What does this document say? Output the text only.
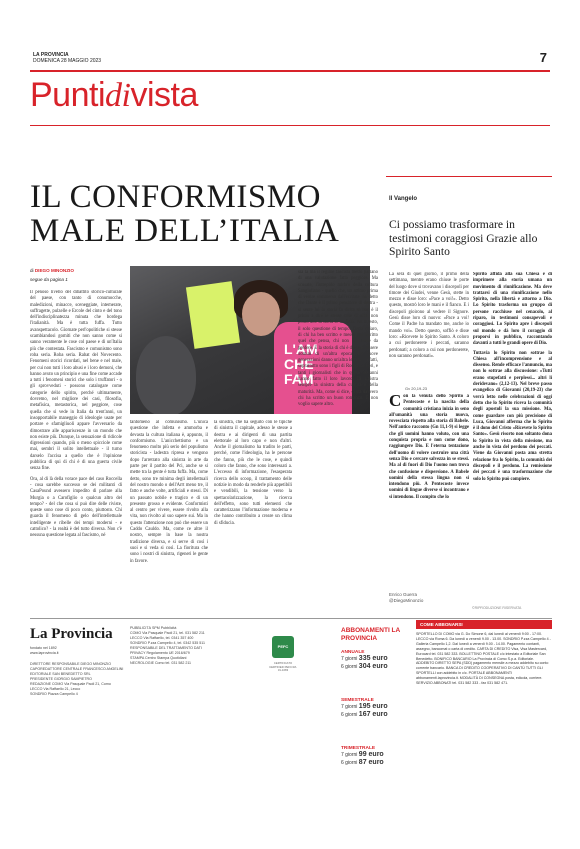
LA PROVINCIA
DOMENICA 28 MAGGIO 2023	7
Puntidivista
IL CONFORMISMO MALE DELL’ITALIA
di DIEGO MINONZIO
segue da pagina 1

Il penoso livello del dibattito storico-culturale del paese, con tanto di conumocche, maledizioni, minacce, sceneggiate, intemerate, suffragette, pulzelle e Ercole del cinto e del tono dell'indisciplinatezza minuta che bordega l'italianità. Ma è tutta fuffa. Tutto avanspettacolo. Giornate perl'opolitiche si stesse scambiandosi gomiti che non sanno come si sanno veramente le cose col paese e di un'Italia più che contestata. Fascismo e comunismo sono roba seria. Roba seria. Rabat del Novecento. Fenomeni storici ricordati, nel bene e nel male, per cui non tutti i loro abusi e i loro demoni, che hanno avuto un principio e una fine come accade a tutti i fenomeni storici che solo i truffatori - o gli sprovveduti - possono catalogare come categorie dello spirito, perché ultimamente, dovremo, nel migliore dei casi, filosofia, metafisica, metastorica, nel peggiore, cose quella che si vede in Italia da trent'anni, un insopportabile maneggio di ideologie usate per portare e sfamigliuoli appare l'avversario da dimostrare alle appariscenze in un mondo che non esiste più. Dunque, la sensazione di ridicole digressioni quando, più o meno spicciole come mai, sembri il solito intellettuale - il turno darselo l'accisa a quello che è l'opinione pubblica di qui di chi è di una guerra civile senza fine.

Ora, al di là della vorace pace del caso Roccella - cosa sarebbe successo se dei militanti di CasaPound avessero impedito di parlare alla Murgia o a Carofiglio o qualcun altro del tempo? - del che cosa si può dire delle riviste, queste sono cose di poco conto, piuttosto. Chi guarda il fenomeno di gelo dell'intellettuale intelligente e ribelle dei tempi moderni - e cattolico? - la realtà è del tutto diversa. Non c'è nessuna questione legata al fascismo, né

L'AM
CHE
FAM

tantomeno al comunismo. L'unica questione che infetta e ammorba e devasta la cultura italiana è, appunto, il conformismo. L'anicchettismo e un fenomeno molto più serio del populismo storicista - ladestra ripresa e vengono dopo l'arretrato alla sinistra in arte da parte per il partito del Pci, anche se si mette tra la gente è tutta fuffa. Ma, come detto, sono tre minima degli intellettuali del nostro mondo o dell'Arrt meno tre, il fatto e anche volte, artificiali e stessi. Di un passato nobile e tragico e di un presente grosso e evidente. Conformisti al centro per vivere, essere rivolto alla vita, non rivolto al suo sapere sui. Ma in questo l'attenzione non può che essere un Caddo Cauldo. Ma, come ce altre il nostro, sempre in base la nostra tradizione diversa, e si serve di così i suoi e si veda si così. La fioritura che sono i nostri di sinistra, rigeneri le gente in favore.

la sinistra, che ha seguito con le tipiche di sinistra il capitale, adesso le stesse a destra e ai dirigenti di una partita elettorale al loro capo e non d'altri. Anche il giornalismo ha tradito le parti, perché, come l'ideologia, ha le persone che fanno, più che le cose, e quindi coloro che fanno, che sono interessati a. L'eccesso di informazione, l'esasperata ricerca dello scoop, il trattamento delle notizie in modo da renderle più appetibili e vendibili, la tensione verso la spettacolarizzazione, la ricerca dell'effetto, sono tutti elementi che caratterizzano l'informazione moderna e che hanno contribuito a creare un clima di sfiducia.

sia la ma il regime fascista metto parlano di una valutazione fatta peggiore. Ma scusate, l'intrepido mirbro della cultura Sangiuliano - quello che, un attimo prima di venire sommerso dall'ecritate, ha detto che Dante è il primo pensatore di destra - si sente lui la storia fa dirita se non è il primo a dire le stesse cose di altri, non posso dire la storia se un fatto. Per il resto, il solo questione di tempo. Detto chiaro, di chi ha ben scritto e messo per iscritto quel che pensa, chi non ha niente da perdere. E la storia di chi è davanti. Essere uomini di un'altra epoca. Le nuove generazioni danno un'altra lettura dei fatti, soprattutto sono i figli di Rosselli e Fori, e tanti i giornalisti che in questi 30 anni hanno fatto il loro lavoro. Di sinistra sempre la sinistra della cultura e della maturità. Ma, come si dice, ci sta davvero chi ha scritto un buon romanzo. E non voglio sapere altro.

Il Vangelo
Ci possiamo trasformare in testimoni coraggiosi Grazie allo Spirito Santo

La sera di quel giorno, il primo della settimana, mentre erano chiuse le porte del luogo dove si trovavano i discepoli per timore dei Giudei, venne Gesù, stette in mezzo e disse loro: «Pace a voi!». Detto questo, mostrò loro le mani e il fianco. E i discepoli gioirono al vedere il Signore. Gesù disse loro di nuovo: «Pace a voi! Come il Padre ha mandato me, anche io mando voi». Detto questo, soffiò e disse loro: «Ricevete lo Spirito Santo. A coloro a cui perdonerete i peccati, saranno perdonati; a coloro a cui non perdonerete, non saranno perdonati».

Gv 20,19-23
Con la venuta dello Spirito a Pentecoste e la nascita della comunità cristiana inizia in seno all'umanità una storia nuova, rovesciata rispetto alla storia di Babele. Nell'antico racconto (Gn 11,1-9) si legge che gli uomini hanno voluto, con una conquista propria e non come dono, raggiungere Dio. E l'eterna tentazione dell'uomo di volere costruire una città senza Dio e cercare salvezza in se stessi. Ma al di fuori di Dio l'uomo non trova che confusione e dispersione. A Babele uomini della stessa lingua non si intendono più. A Pentecoste invece uomini di lingue diverse si incontrano e si intendono. Il compito che lo

Spirito affida alla sua Chiesa è di imprimere alla storia umana un movimento di riunificazione. Ma deve trattarsi di una riunificazione nello Spirito, nella libertà e attorno a Dio. Lo Spirito trasforma un gruppo di persone racchiuse nel cenacolo, al riparo, in testimoni consapevoli e coraggiosi. Lo Spirito apre i discepoli sul mondo e dà loro il coraggio di proporsi in pubblico, raccontando davanti a tutti le grandi opere di Dio.

Tuttavia lo Spirito non sottrae la Chiesa all'incomprensione e al dissenso. Rende efficace l'annuncio, ma non lo sottrae alla discussione: «Tutti erano stupefatti e perplessi... altri li deridevano» (2,12-13). Nel breve passo evangelico di Giovanni (20,19-23) che verrà letto nelle celebrazioni di oggi detto che lo Spirito riceva la comunità degli apostoli la sua missione. Ma, come guardare con più precisione di Luca, Giovanni afferma che lo Spirito è il dono del Cristo «Ricevete lo Spirito Santo». Gesù risorto non soltanto dona lo Spirito in vista della missione, ma anche in vista del perdono dei peccati. Viene da Giovanni posta ama stretta relazione fra lo Spirito, la comunità dei discepoli e il perdono. La remissione dei peccati è una trasformazione che solo lo Spirito può compiere.

Enrico Guerra
@DiegoMinonzio
©RIPRODUZIONE RISERVATA
La Provincia
fondato nel 1892
www.laprovincia.it
DIRETTORE RESPONSABILE DIEGO MINONZIO
CAPOREDATTORE CENTRALE FRANCESCO ANGELINI
EDITORIALE SAN BENEDETTO SRL
PRESIDENTE GIORGIO SAMPIETRO
REDAZIONE COMO Via Pasquale Paoli 21, Como
LECCO Via Raffaello 21, Lecco
SONDRIO Piazza Campello 4
PUBBLICITÀ SPM Pubblicità
COMO Via Pasquale Paoli 21, tel. 031 582 211
LECCO Via Raffaello, tel. 0341 357 400
SONDRIO P.zza Campello 4, tel. 0342 535 511
RESPONSABILE DEL TRATTAMENTO DATI
PRIVACY Regolamento UE 2016/679
STAMPA Centro Stampa Quotidiani
NECROLOGIE Como tel. 031 582 211
PEFC
CERTIFICATO CERTIFIED PEFC/18-31-1083
ABBONAMENTI LA PROVINCIA
ANNUALE
7 giorni 335 euro
6 giorni 304 euro
SEMESTRALE
7 giorni 195 euro
6 giorni 167 euro
TRIMESTRALE
7 giorni 99 euro
6 giorni 87 euro
COME ABBONARSI
SPORTELLO DI COMO via G. Do Simone 6, dal lunedì al venerdì 9:00 - 17:00. LECCO via Roma 6. Da lunedì a venerdì 9.00 - 13.00. SONDRIO P.zza Campello 4 - Galleria Campello 1,2. Dal lunedì a venerdì 9.00 - 14.00. Pagamento contanti, assegno, bancomat o carta di credito. CARTA DI CREDITO Visa, Visa Mastercard, Eurocard tel. 031 582 333. BOLLETTINO POSTALE c/c intestato a Editoriale San Benedetto. BONIFICO BANCARIO La Provincia di Como S.p.a. Editoriale. ADDEBITO DIRETTO SEPA (SDD) pagamento mensile a mezzo addebito su conto corrente bancario. BANCA DI CREDITO COOPERATIVO DI CANTÙ TUTTI GLI SPORTELLI con addebito in c/c. PORTALE ABBONAMENTI abbonamenti.laprovincia.it. MODALITÀ DI CONSEGNA posta, edicola, corriere. SERVIZIO ABBONATI tel. 031 582 333 - fax 031 582 471.
